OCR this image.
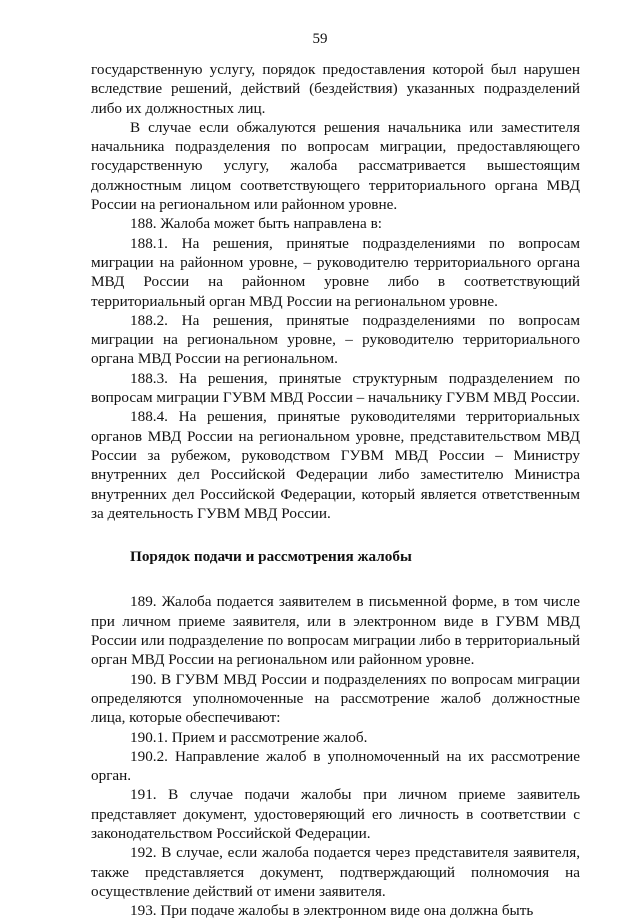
59

государственную услугу, порядок предоставления которой был нарушен вследствие решений, действий (бездействия) указанных подразделений либо их должностных лиц.

В случае если обжалуются решения начальника или заместителя начальника подразделения по вопросам миграции, предоставляющего государственную услугу, жалоба рассматривается вышестоящим должностным лицом соответствующего территориального органа МВД России на региональном или районном уровне.

188. Жалоба может быть направлена в:

188.1. На решения, принятые подразделениями по вопросам миграции на районном уровне, – руководителю территориального органа МВД России на районном уровне либо в соответствующий территориальный орган МВД России на региональном уровне.

188.2. На решения, принятые подразделениями по вопросам миграции на региональном уровне, – руководителю территориального органа МВД России на региональном.

188.3. На решения, принятые структурным подразделением по вопросам миграции ГУВМ МВД России – начальнику ГУВМ МВД России.

188.4. На решения, принятые руководителями территориальных органов МВД России на региональном уровне, представительством МВД России за рубежом, руководством ГУВМ МВД России – Министру внутренних дел Российской Федерации либо заместителю Министра внутренних дел Российской Федерации, который является ответственным за деятельность ГУВМ МВД России.

Порядок подачи и рассмотрения жалобы

189. Жалоба подается заявителем в письменной форме, в том числе при личном приеме заявителя, или в электронном виде в ГУВМ МВД России или подразделение по вопросам миграции либо в территориальный орган МВД России на региональном или районном уровне.

190. В ГУВМ МВД России и подразделениях по вопросам миграции определяются уполномоченные на рассмотрение жалоб должностные лица, которые обеспечивают:

190.1. Прием и рассмотрение жалоб.

190.2. Направление жалоб в уполномоченный на их рассмотрение орган.

191. В случае подачи жалобы при личном приеме заявитель представляет документ, удостоверяющий его личность в соответствии с законодательством Российской Федерации.

192. В случае, если жалоба подается через представителя заявителя, также представляется документ, подтверждающий полномочия на осуществление действий от имени заявителя.

193. При подаче жалобы в электронном виде она должна быть
